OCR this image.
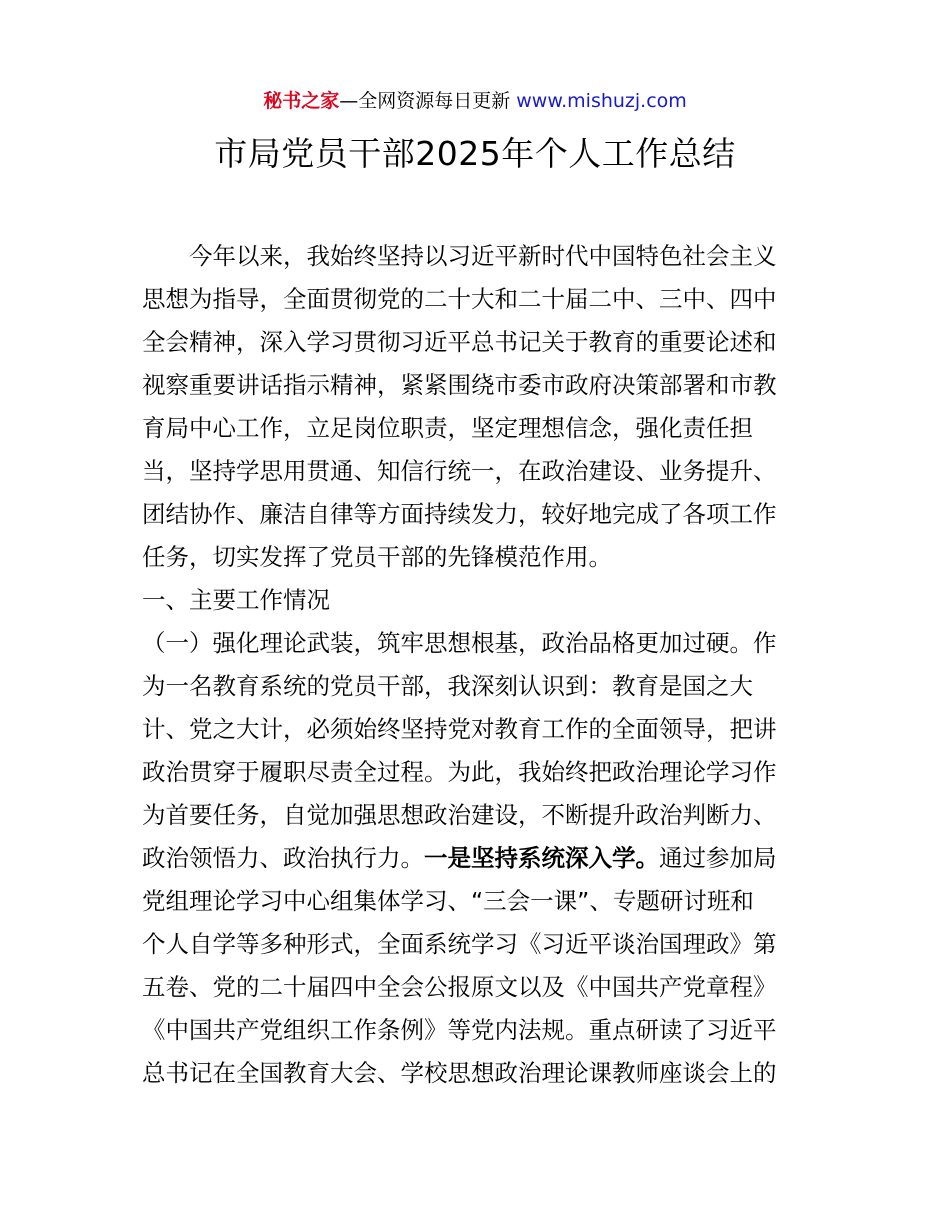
秘书之家—全网资源每日更新 www.mishuzj.com
市局党员干部2025年个人工作总结
今年以来，我始终坚持以习近平新时代中国特色社会主义
思想为指导，全面贯彻党的二十大和二十届二中、三中、四中
全会精神，深入学习贯彻习近平总书记关于教育的重要论述和
视察重要讲话指示精神，紧紧围绕市委市政府决策部署和市教
育局中心工作，立足岗位职责，坚定理想信念，强化责任担
当，坚持学思用贯通、知信行统一，在政治建设、业务提升、
团结协作、廉洁自律等方面持续发力，较好地完成了各项工作
任务，切实发挥了党员干部的先锋模范作用。
一、主要工作情况
（一）强化理论武装，筑牢思想根基，政治品格更加过硬。作
为一名教育系统的党员干部，我深刻认识到：教育是国之大
计、党之大计，必须始终坚持党对教育工作的全面领导，把讲
政治贯穿于履职尽责全过程。为此，我始终把政治理论学习作
为首要任务，自觉加强思想政治建设，不断提升政治判断力、
政治领悟力、政治执行力。一是坚持系统深入学。通过参加局
党组理论学习中心组集体学习、“三会一课”、专题研讨班和
个人自学等多种形式，全面系统学习《习近平谈治国理政》第
五卷、党的二十届四中全会公报原文以及《中国共产党章程》
《中国共产党组织工作条例》等党内法规。重点研读了习近平
总书记在全国教育大会、学校思想政治理论课教师座谈会上的
